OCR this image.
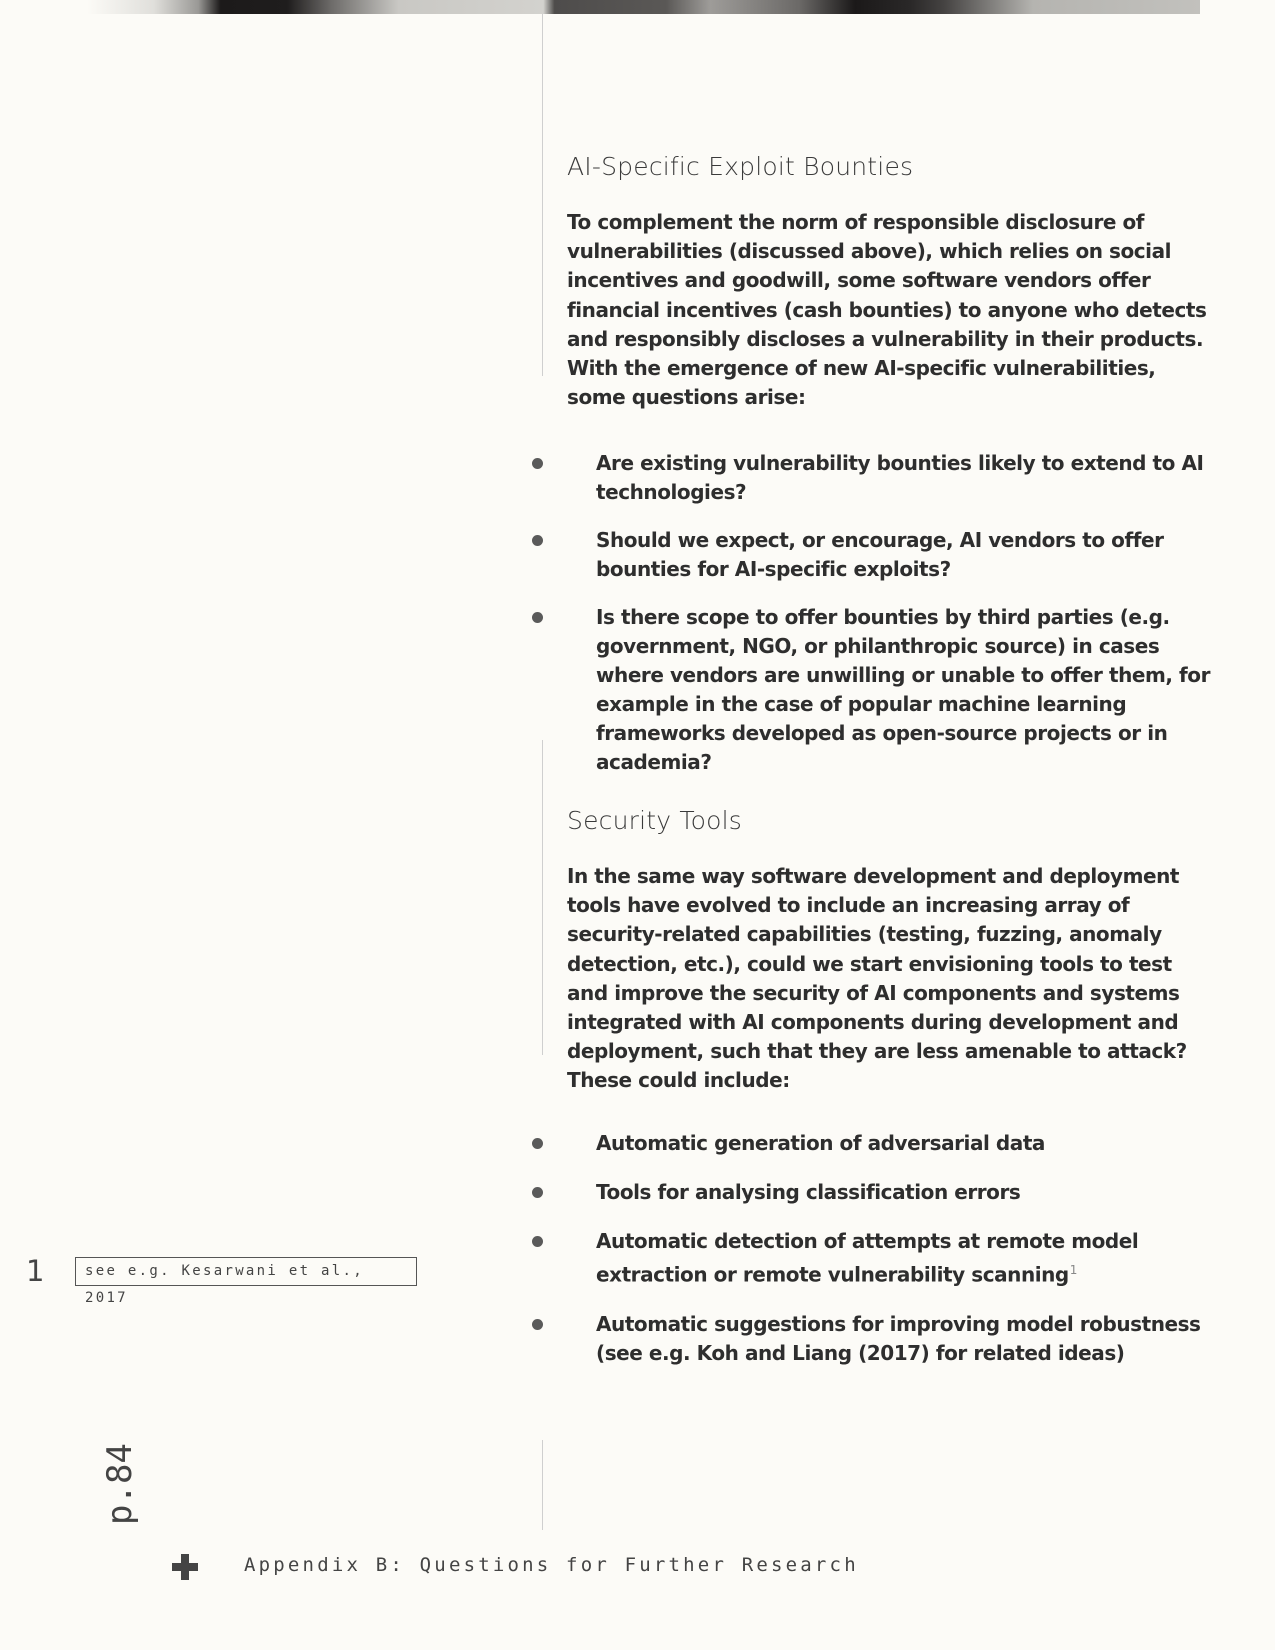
AI-Specific Exploit Bounties

To complement the norm of responsible disclosure of vulnerabilities (discussed above), which relies on social incentives and goodwill, some software vendors offer financial incentives (cash bounties) to anyone who detects and responsibly discloses a vulnerability in their products. With the emergence of new AI-specific vulnerabilities, some questions arise:

Are existing vulnerability bounties likely to extend to AI technologies?
Should we expect, or encourage, AI vendors to offer bounties for AI-specific exploits?
Is there scope to offer bounties by third parties (e.g. government, NGO, or philanthropic source) in cases where vendors are unwilling or unable to offer them, for example in the case of popular machine learning frameworks developed as open-source projects or in academia?
Security Tools

In the same way software development and deployment tools have evolved to include an increasing array of security-related capabilities (testing, fuzzing, anomaly detection, etc.), could we start envisioning tools to test and improve the security of AI components and systems integrated with AI components during development and deployment, such that they are less amenable to attack? These could include:

Automatic generation of adversarial data
Tools for analysing classification errors
Automatic detection of attempts at remote model extraction or remote vulnerability scanning$^1$
Automatic suggestions for improving model robustness (see e.g. Koh and Liang (2017) for related ideas)
1	see e.g. Kesarwani et al., 2017
p.84
Appendix B: Questions for Further Research
